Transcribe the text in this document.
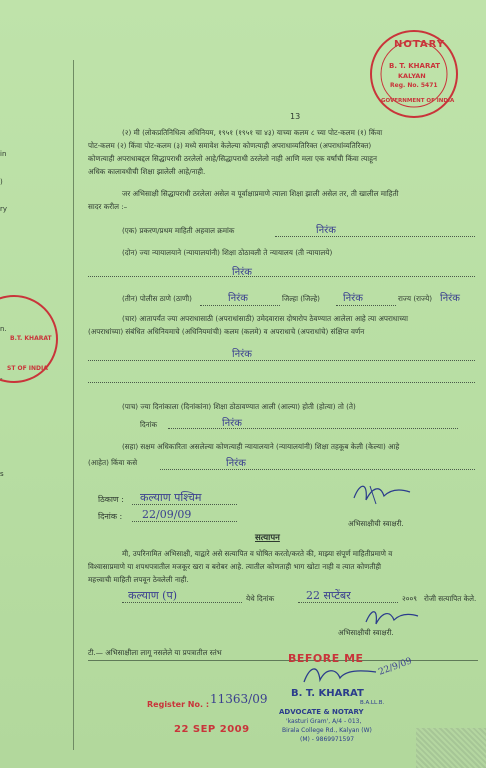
in
)
ry
n.
-
s
NOTARY
B. T. KHARAT
KALYAN
Reg. No. 5471
GOVERNMENT OF INDIA
B.T. KHARAT
ST OF INDIA
13
(२) मी (लोकप्रतिनिधित्व अधिनियम, १९५१ (१९५१ चा ४३) याच्या कलम ८ च्या पोट-कलम (१) किंवा
पोट-कलम (२) किंवा पोट-कलम (३) मध्ये समावेश केलेल्या कोणत्याही अपराधाव्यतिरिक्त (अपराधांव्यतिरिक्त)
कोणत्याही अपराधाबद्दल सिद्धापराधी ठरलेलो आहे/सिद्धापराधी ठरलेलो नाही आणि मला एक वर्षांची किंवा त्याहून
अधिक कालावधीची शिक्षा झालेली आहे/नाही.
जर अभिसाक्षी सिद्धापराधी ठरलेला असेल व पूर्वाक्षाप्रमाणे त्याला शिक्षा झाली असेल तर, ती खालील माहिती
सादर करील :–
(एक) प्रकरण/प्रथम माहिती अहवाल क्रमांक	निरंक
(दोन) ज्या न्यायालयाने (न्यायालयांनी) शिक्षा ठोठावली ते न्यायालय (ती न्यायालये)
निरंक
(तीन) पोलीस ठाणे (ठाणी)	निरंक	जिल्हा (जिल्हे) निरंक	राज्य (राज्ये) निरंक
(चार) आतापर्यंत ज्या अपराधासाठी (अपराधांसाठी) उमेदवारास दोषारोप ठेवण्यात आलेला आहे त्या अपराधाच्या
(अपराधांच्या) संबंधित अधिनियमाचे (अधिनियमांची) कलम (कलमे) व अपराधाचे (अपराधांचे) संक्षिप्त वर्णन
निरंक
(पाच) ज्या दिनांकाला (दिनांकांना) शिक्षा ठोठावण्यात आली (आल्या) होती (होत्या) तो (ते)
दिनांक	निरंक
(सहा) सक्षम अधिकारिता असलेल्या कोणत्याही न्यायालयाने (न्यायालयांनी) शिक्षा तहकूब केली (केल्या) आहे
(आहेत) किंवा कसे	निरंक
ठिकाण : कल्याण पश्चिम
दिनांक : 22/09/09
अभिसाक्षीची स्वाक्षरी.
सत्यापन
मी, उपरिनामित अभिसाक्षी, याद्वारे असे सत्यापित व घोषित करतो/करते की, माझ्या संपूर्ण माहितीप्रमाणे व
विश्वासाप्रमाणे या शपथपत्रातील मजकूर खरा व बरोबर आहे. त्यातील कोणताही भाग खोटा नाही व त्यात कोणतीही
महत्त्वाची माहिती लपवून ठेवलेली नाही.
कल्याण (प)	येथे दिनांक	22 सप्टेंबर	२००९ रोजी सत्यापित केले.
अभिसाक्षीची स्वाक्षरी.
टी.— अभिसाक्षीला लागू नसलेले या प्रपत्रातील स्तंभ	BEFORE ME 22/9/09
Register No. : 11363/09
22 SEP 2009
B. T. KHARAT
B.A.LL.B.
ADVOCATE & NOTARY
'kasturi Gram', A/4 - 013,
Birala College Rd., Kalyan (W)
(M) - 9869971597
